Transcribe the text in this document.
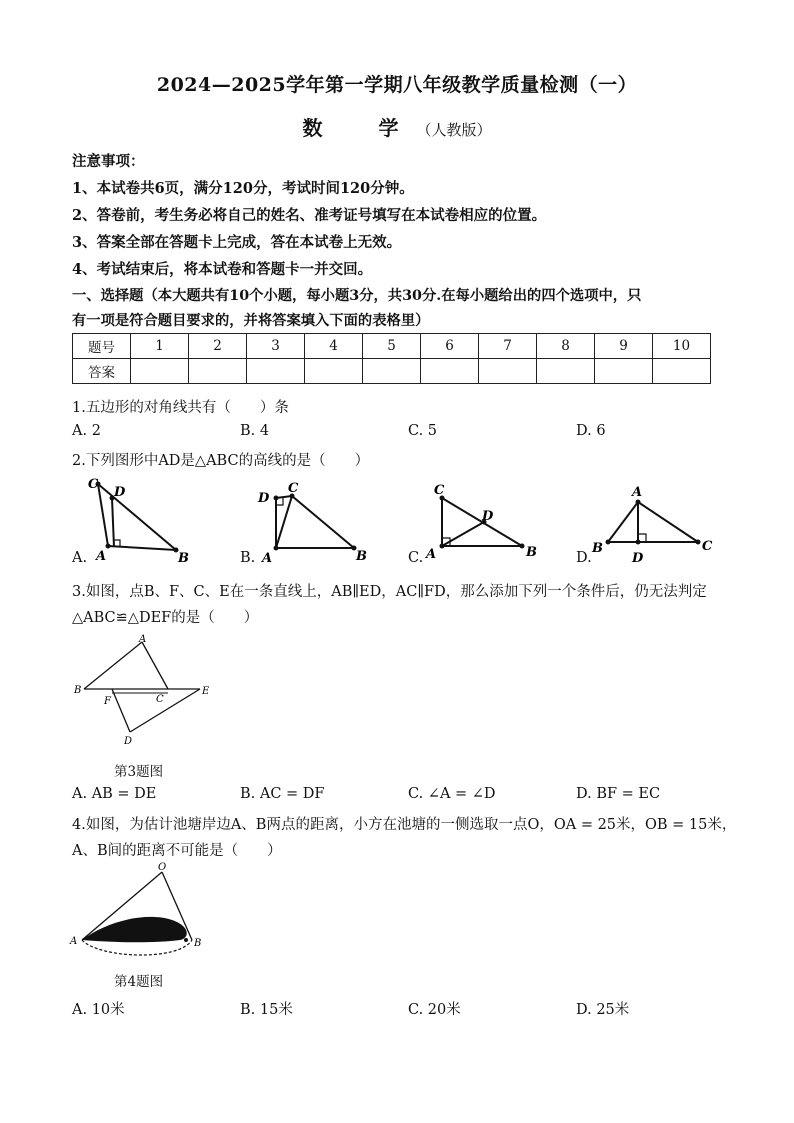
2024—2025学年第一学期八年级教学质量检测（一）
数　学（人教版）
注意事项：
1、本试卷共6页，满分120分，考试时间120分钟。
2、答卷前，考生务必将自己的姓名、准考证号填写在本试卷相应的位置。
3、答案全部在答题卡上完成，答在本试卷上无效。
4、考试结束后，将本试卷和答题卡一并交回。
一、选择题（本大题共有10个小题，每小题3分，共30分.在每小题给出的四个选项中，只
有一项是符合题目要求的，并将答案填入下面的表格里）
题号	1	2	3	4	5	6	7	8	9	10
答案										
1.五边形的对角线共有（　　）条
A. 2	B. 4	C. 5	D. 6
2.下列图形中AD是△ABC的高线的是（　　）
C
D
A	B
A.
D
C
A	B
B.
C
D
A	B
C.
A
B
D
C
D.
3.如图，点B、F、C、E在一条直线上，AB∥ED，AC∥FD，那么添加下列一个条件后，仍无法判定
△ABC≌△DEF的是（　　）
A
B
F	C
E
D
第3题图
A. AB = DE	B. AC = DF	C. ∠A = ∠D	D. BF = EC
4.如图，为估计池塘岸边A、B两点的距离，小方在池塘的一侧选取一点O，OA = 25米，OB = 15米，
A、B间的距离不可能是（　　）
O
A	B
第4题图
A. 10米	B. 15米	C. 20米	D. 25米
